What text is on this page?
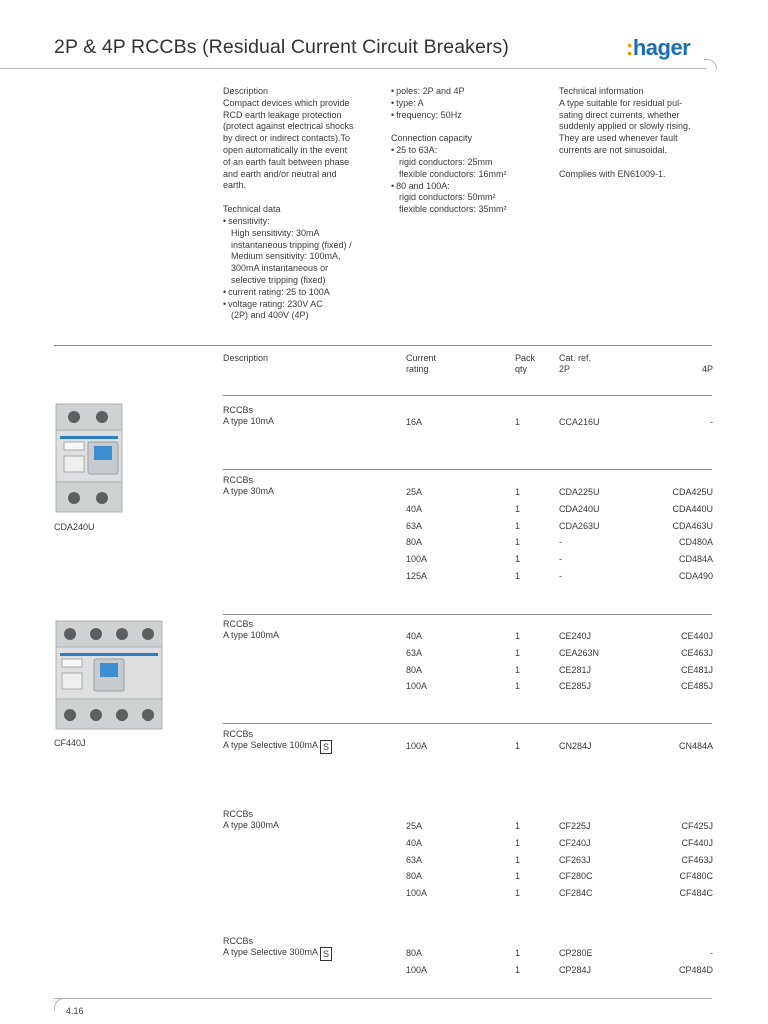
2P & 4P RCCBs (Residual Current Circuit Breakers)	:hager

Description

Compact devices which provide

RCD earth leakage protection

(protect against electrical shocks

by direct or indirect contacts).To

open automatically in the event

of an earth fault between phase

and earth and/or neutral and

earth.

Technical data

• sensitivity:

High sensitivity: 30mA

instantaneous tripping (fixed) /

Medium sensitivity: 100mA,

300mA instantaneous or

selective tripping (fixed)

• current rating: 25 to 100A

• voltage rating: 230V AC

(2P) and 400V (4P)

• poles: 2P and 4P

• type: A

• frequency: 50Hz

Connection capacity

• 25 to 63A:

rigid conductors: 25mm

flexible conductors: 16mm²

• 80 and 100A:

rigid conductors: 50mm²

flexible conductors: 35mm²

Technical information

A type suitable for residual pul-

sating direct currents, whether

suddenly applied or slowly rising.

They are used whenever fault

currents are not sinusoidal.

Complies with EN61009-1.

Description	Current
rating
Pack
qty
Cat. ref.
2P	4P
RCCBs
A type 10mA	16A	1	CCA216U	-
RCCBs
A type 30mA	25A	1	CDA225U	CDA425U
40A	1	CDA240U	CDA440U
63A	1	CDA263U	CDA463U
80A	1	-	CD480A
100A	1	-	CD484A
125A	1	-	CDA490
RCCBs
A type 100mA	40A	1	CE240J	CE440J
63A	1	CEA263N	CE463J
80A	1	CE281J	CE481J
100A	1	CE285J	CE485J
RCCBs
A type Selective 100mA S	100A	1	CN284J	CN484A
RCCBs
A type 300mA	25A	1	CF225J	CF425J
40A	1	CF240J	CF440J
63A	1	CF263J	CF463J
80A	1	CF280C	CF480C
100A	1	CF284C	CF484C
RCCBs
A type Selective 300mA S	80A	1	CP280E	-
100A	1	CP284J	CP484D
CDA240U
CF440J
4.16
